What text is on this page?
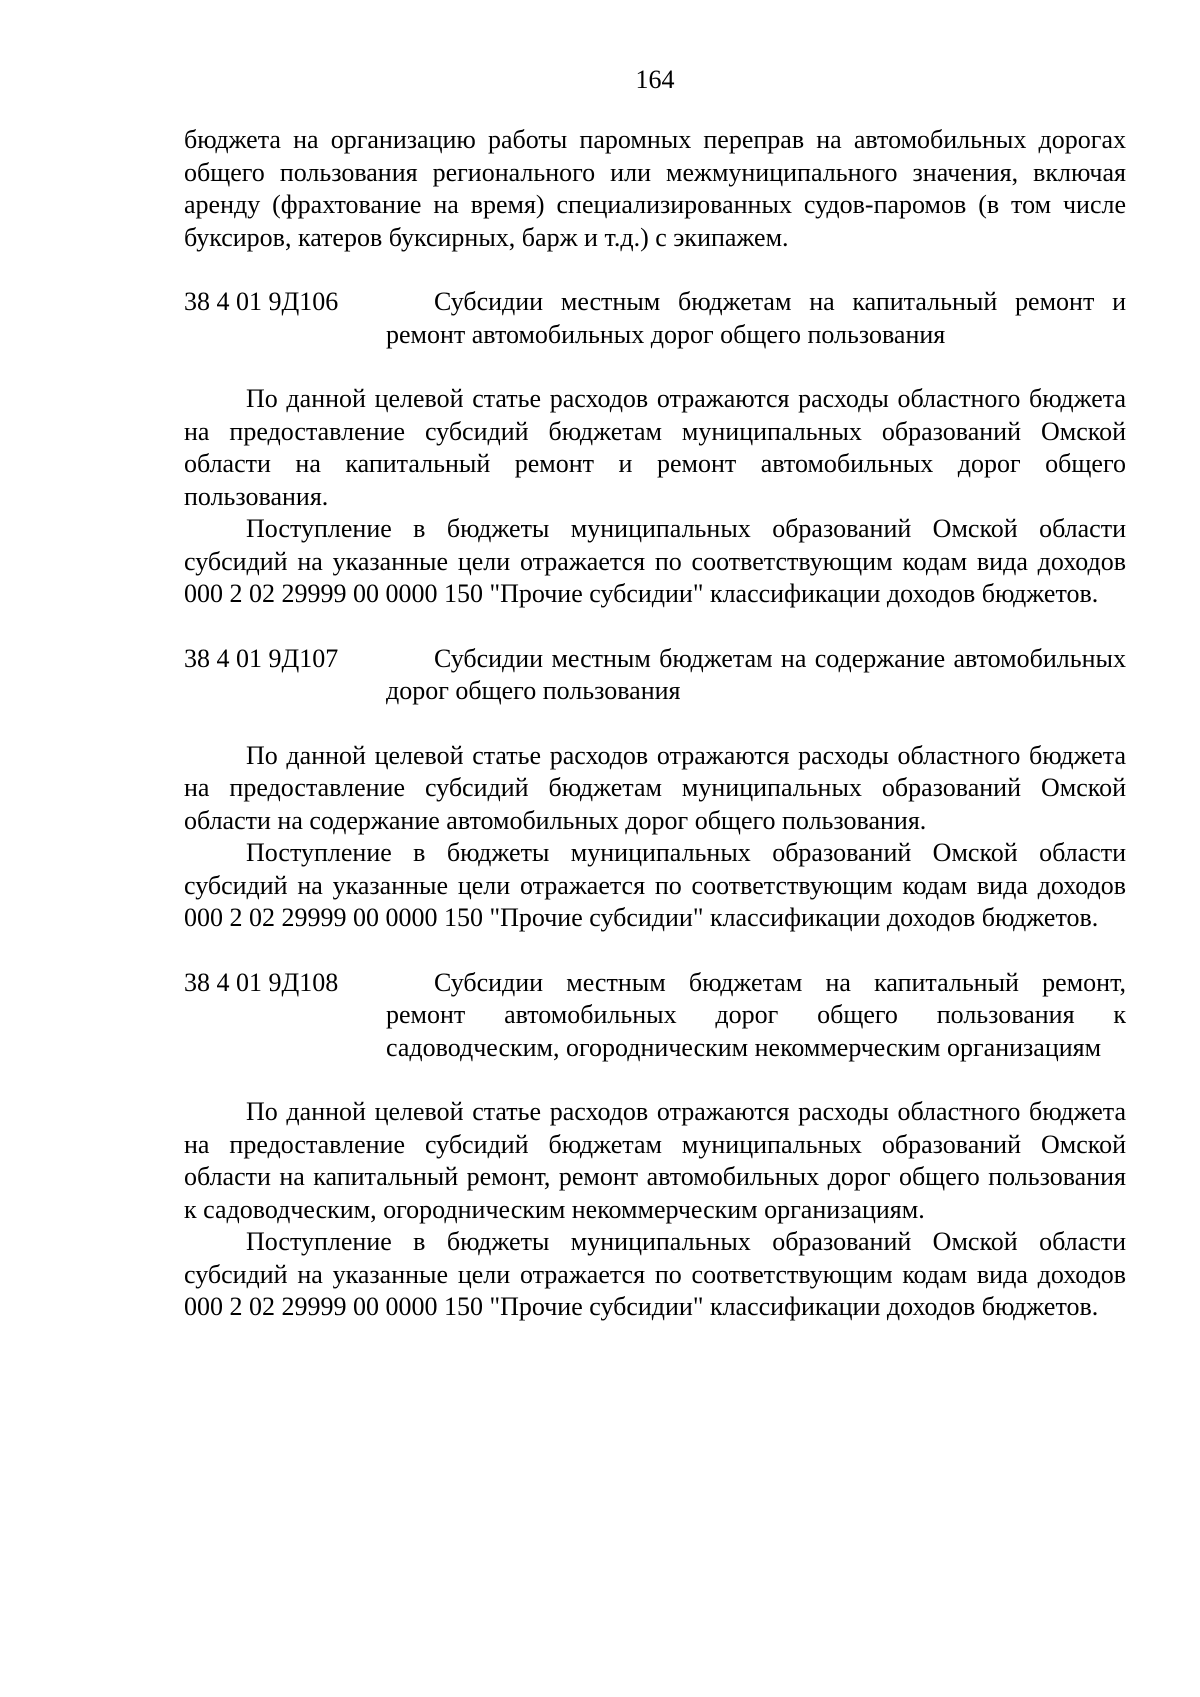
164

бюджета на организацию работы паромных переправ на автомобильных дорогах общего пользования регионального или межмуниципального значения, включая аренду (фрахтование на время) специализированных судов-паромов (в том числе буксиров, катеров буксирных, барж и т.д.) с экипажем.

38 4 01 9Д106	Субсидии местным бюджетам на капитальный ремонт и ремонт автомобильных дорог общего пользования

По данной целевой статье расходов отражаются расходы областного бюджета на предоставление субсидий бюджетам муниципальных образований Омской области на капитальный ремонт и ремонт автомобильных дорог общего пользования.

Поступление в бюджеты муниципальных образований Омской области субсидий на указанные цели отражается по соответствующим кодам вида доходов 000 2 02 29999 00 0000 150 "Прочие субсидии" классификации доходов бюджетов.

38 4 01 9Д107	Субсидии местным бюджетам на содержание автомобильных дорог общего пользования

По данной целевой статье расходов отражаются расходы областного бюджета на предоставление субсидий бюджетам муниципальных образований Омской области на содержание автомобильных дорог общего пользования.

Поступление в бюджеты муниципальных образований Омской области субсидий на указанные цели отражается по соответствующим кодам вида доходов 000 2 02 29999 00 0000 150 "Прочие субсидии" классификации доходов бюджетов.

38 4 01 9Д108	Субсидии местным бюджетам на капитальный ремонт, ремонт автомобильных дорог общего пользования к садоводческим, огородническим некоммерческим организациям

По данной целевой статье расходов отражаются расходы областного бюджета на предоставление субсидий бюджетам муниципальных образований Омской области на капитальный ремонт, ремонт автомобильных дорог общего пользования к садоводческим, огородническим некоммерческим организациям.

Поступление в бюджеты муниципальных образований Омской области субсидий на указанные цели отражается по соответствующим кодам вида доходов 000 2 02 29999 00 0000 150 "Прочие субсидии" классификации доходов бюджетов.
